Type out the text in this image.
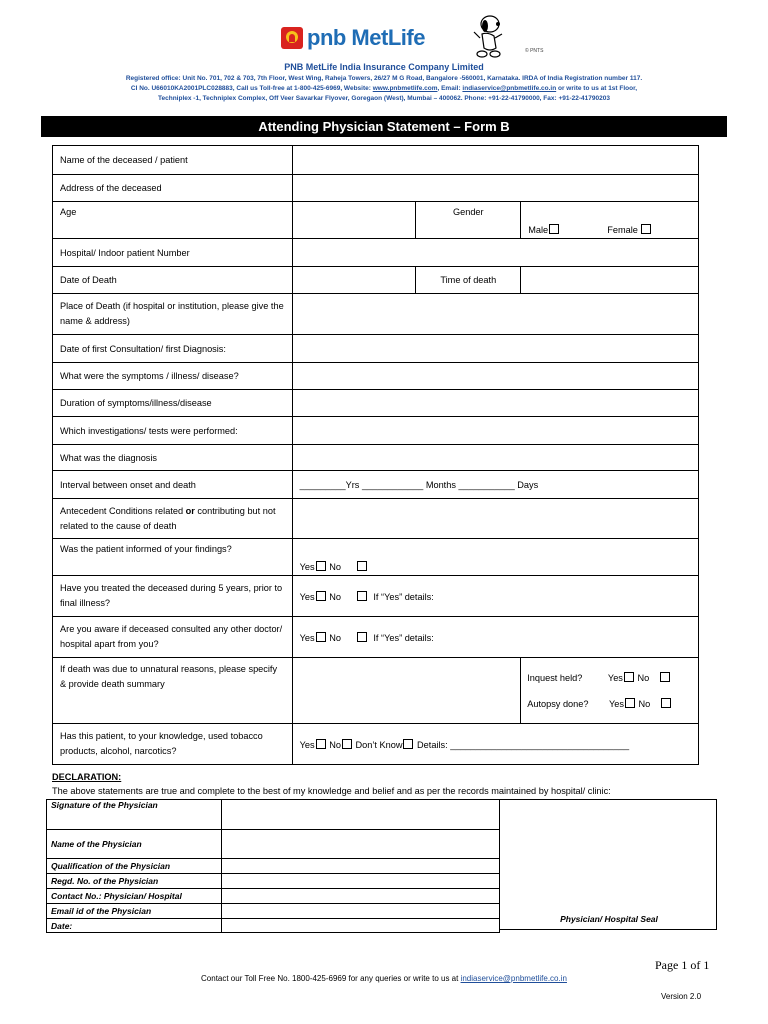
pnb MetLife
© PNTS
PNB MetLife India Insurance Company Limited
Registered office: Unit No. 701, 702 & 703, 7th Floor, West Wing, Raheja Towers, 26/27 M G Road, Bangalore -560001, Karnataka. IRDA of India Registration number 117.
CI No. U66010KA2001PLC028883, Call us Toll-free at 1-800-425-6969, Website: www.pnbmetlife.com, Email: indiaservice@pnbmetlife.co.in or write to us at 1st Floor,
Techniplex -1, Techniplex Complex, Off Veer Savarkar Flyover, Goregaon (West), Mumbai – 400062. Phone: +91-22-41790000, Fax: +91-22-41790203
Attending Physician Statement – Form B
Name of the deceased / patient			
Address of the deceased			
Age		Gender	Male Female
Hospital/ Indoor patient Number			
Date of Death		Time of death	
Place of Death (if hospital or institution, please give the name & address)			
Date of first Consultation/ first Diagnosis:			
What were the symptoms / illness/ disease?			
Duration of symptoms/illness/disease			
Which investigations/ tests were performed:			
What was the diagnosis			
Interval between onset and death	_________Yrs ____________ Months ___________ Days		
Antecedent Conditions related or contributing but not related to the cause of death			
Was the patient informed of your findings?	Yes No		
Have you treated the deceased during 5 years, prior to final illness?	Yes No If “Yes” details:		
Are you aware if deceased consulted any other doctor/ hospital apart from you?	Yes No If “Yes” details:		
If death was due to unnatural reasons, please specify & provide death summary			Inquest held? Yes No
Autopsy done? Yes No

Has this patient, to your knowledge, used tobacco products, alcohol, narcotics?	Yes No Don’t Know Details: ___________________________________		
DECLARATION:
The above statements are true and complete to the best of my knowledge and belief and as per the records maintained by hospital/ clinic:
Signature of the Physician	
Name of the Physician	
Qualification of the Physician	
Regd. No. of the Physician	
Contact No.: Physician/ Hospital	
Email id of the Physician	
Date:	
Physician/ Hospital Seal
Page 1 of 1
Contact our Toll Free No. 1800-425-6969 for any queries or write to us at indiaservice@pnbmetlife.co.in
Version 2.0
